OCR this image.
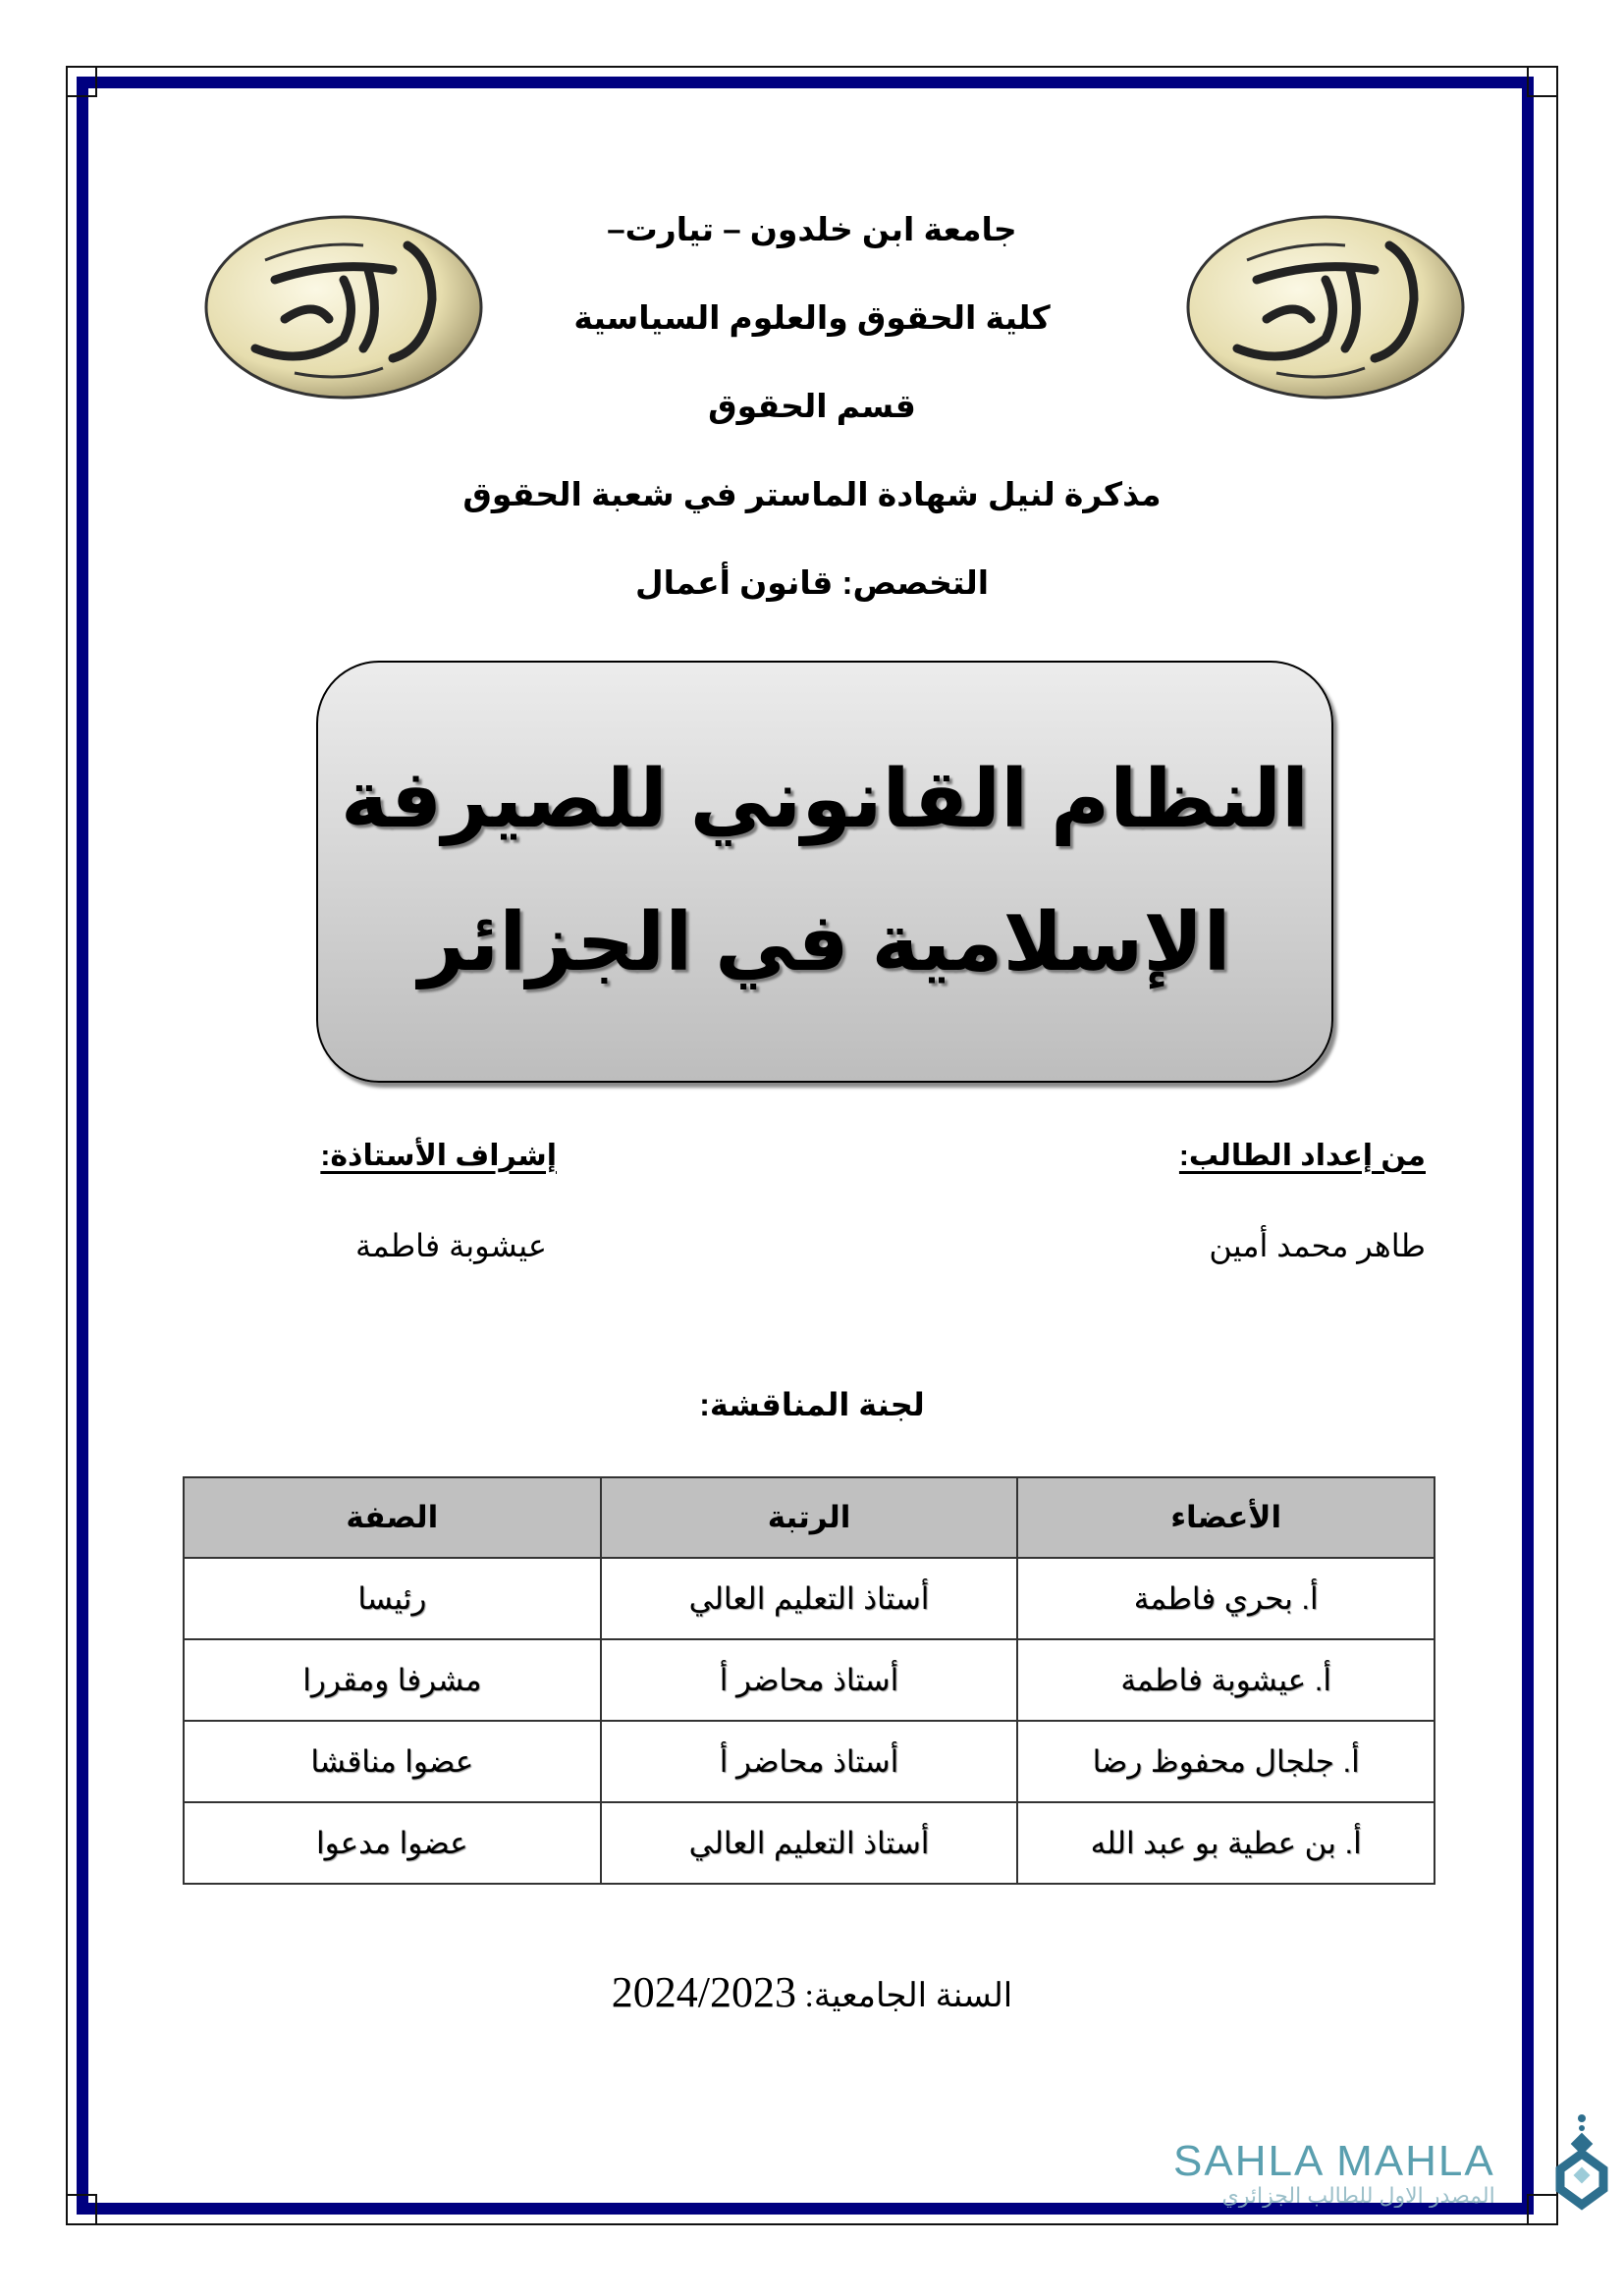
جامعة ابن خلدون – تيارت–
كلية الحقوق والعلوم السياسية
قسم الحقوق
مذكرة لنيل شهادة الماستر في شعبة الحقوق
التخصص: قانون أعمال
النظام القانوني للصيرفة
الإسلامية في الجزائر
من إعداد الطالب:
طاهر محمد أمين
إشراف الأستاذة:
عيشوبة فاطمة
لجنة المناقشة:
الأعضاء	الرتبة	الصفة
أ. بحري فاطمة	أستاذ التعليم العالي	رئيسا
أ. عيشوبة فاطمة	أستاذ محاضر أ	مشرفا ومقررا
أ. جلجال محفوظ رضا	أستاذ محاضر أ	عضوا مناقشا
أ. بن عطية بو عبد الله	أستاذ التعليم العالي	عضوا مدعوا
السنة الجامعية: 2024/2023
SAHLA MAHLA
المصدر الاول للطالب الجزائري
